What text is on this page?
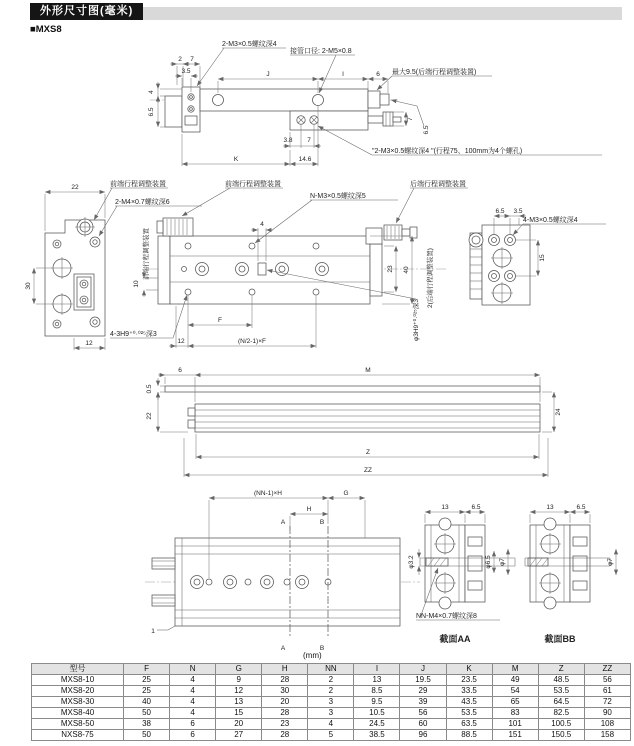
外形尺寸图(毫米)
■MXS8
2 7
3.5	J	I	6
2-M3×0.5螺纹深4
接管口径: 2-M5×0.8
最大9.5(后端行程调整装置)
4
6.5
7
6.5
3.8 7
K	14.6
"2-M3×0.5螺纹深4 "(行程75、100mm为4个螺孔)
22	前端行程调整装置
2-M4×0.7螺纹深6
30
12
前端行程调整装置
N-M3×0.5螺纹深5
后端行程调整装置
4
23 40	2(后端行程调整装置)
前端行程调整装置
10
F
12	(N/2-1)×F
4-3H9⁺⁰·⁰²⁵深3	φ3H9⁺⁰·⁰²⁵深3
6.5 3.5
4-M3×0.5螺纹深4
15
0.5
22
6	M
24
Z
ZZ
(NN-1)×H	G
H
A	B
A	B
1
13	6.5
φ3.2	φ6.5 φ7
NN-M4×0.7螺纹深8
截面AA
13	6.5
φ7
截面BB
(mm)
型号	F	N	G	H	NN	I	J	K	M	Z	ZZ
MXS8-10	25	4	9	28	2	13	19.5	23.5	49	48.5	56
MXS8-20	25	4	12	30	2	8.5	29	33.5	54	53.5	61
MXS8-30	40	4	13	20	3	9.5	39	43.5	65	64.5	72
MXS8-40	50	4	15	28	3	10.5	56	53.5	83	82.5	90
MXS8-50	38	6	20	23	4	24.5	60	63.5	101	100.5	108
NXS8-75	50	6	27	28	5	38.5	96	88.5	151	150.5	158
